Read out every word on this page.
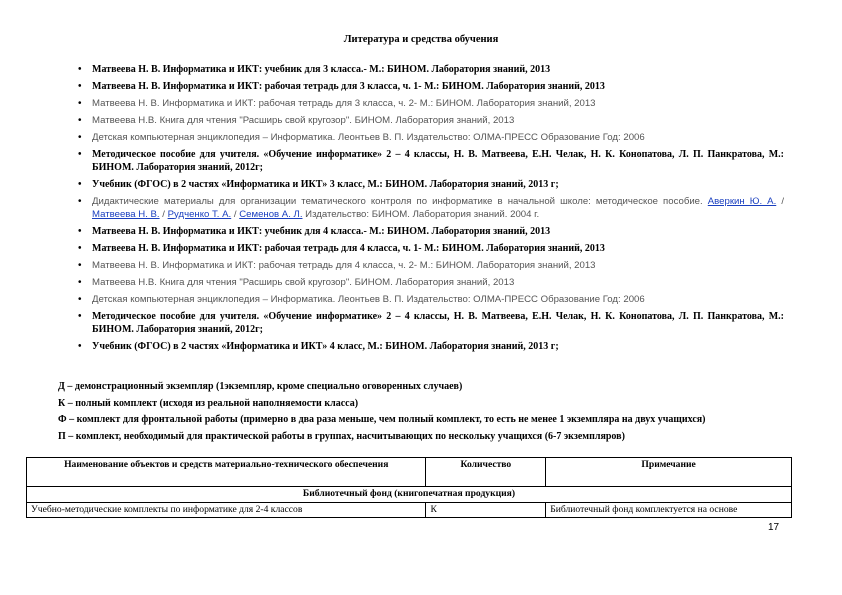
Литература и средства обучения
• Матвеева Н. В. Информатика и ИКТ: учебник для 3 класса.- М.: БИНОМ. Лаборатория знаний, 2013
• Матвеева Н. В. Информатика и ИКТ: рабочая тетрадь для 3 класса, ч. 1- М.: БИНОМ. Лаборатория знаний, 2013
• Матвеева Н. В. Информатика и ИКТ: рабочая тетрадь для 3 класса, ч. 2- М.: БИНОМ. Лаборатория знаний, 2013
• Матвеева Н.В. Книга для чтения "Расширь свой кругозор". БИНОМ. Лаборатория знаний, 2013
• Детская компьютерная энциклопедия – Информатика. Леонтьев В. П. Издательство: ОЛМА-ПРЕСС Образование Год: 2006
• Методическое пособие для учителя. «Обучение информатике» 2 – 4 классы, Н. В. Матвеева, Е.Н. Челак, Н. К. Конопатова, Л. П. Панкратова, М.: БИНОМ. Лаборатория знаний, 2012г;
• Учебник (ФГОС) в 2 частях «Информатика и ИКТ» 3 класс, М.: БИНОМ. Лаборатория знаний, 2013 г;
• Дидактические материалы для организации тематического контроля по информатике в начальной школе: методическое пособие. Аверкин Ю. А. / Матвеева Н. В. / Рудченко Т. А. / Семенов А. Л. Издательство: БИНОМ. Лаборатория знаний. 2004 г.
• Матвеева Н. В. Информатика и ИКТ: учебник для 4 класса.- М.: БИНОМ. Лаборатория знаний, 2013
• Матвеева Н. В. Информатика и ИКТ: рабочая тетрадь для 4 класса, ч. 1- М.: БИНОМ. Лаборатория знаний, 2013
• Матвеева Н. В. Информатика и ИКТ: рабочая тетрадь для 4 класса, ч. 2- М.: БИНОМ. Лаборатория знаний, 2013
• Матвеева Н.В. Книга для чтения "Расширь свой кругозор". БИНОМ. Лаборатория знаний, 2013
• Детская компьютерная энциклопедия – Информатика. Леонтьев В. П. Издательство: ОЛМА-ПРЕСС Образование Год: 2006
• Методическое пособие для учителя. «Обучение информатике» 2 – 4 классы, Н. В. Матвеева, Е.Н. Челак, Н. К. Конопатова, Л. П. Панкратова, М.: БИНОМ. Лаборатория знаний, 2012г;
• Учебник (ФГОС) в 2 частях «Информатика и ИКТ» 4 класс, М.: БИНОМ. Лаборатория знаний, 2013 г;
Д – демонстрационный экземпляр (1экземпляр, кроме специально оговоренных случаев)
К – полный комплект (исходя из реальной наполняемости класса)
Ф – комплект для фронтальной работы (примерно в два раза меньше, чем полный комплект, то есть не менее 1 экземпляра на двух учащихся)
П – комплект, необходимый для практической работы в группах, насчитывающих по нескольку учащихся (6-7 экземпляров)
Наименование объектов и средств материально-технического обеспечения	Количество	Примечание
Библиотечный фонд (книгопечатная продукция)		
Учебно-методические комплекты по информатике для 2-4 классов	К	Библиотечный фонд комплектуется на основе
17
